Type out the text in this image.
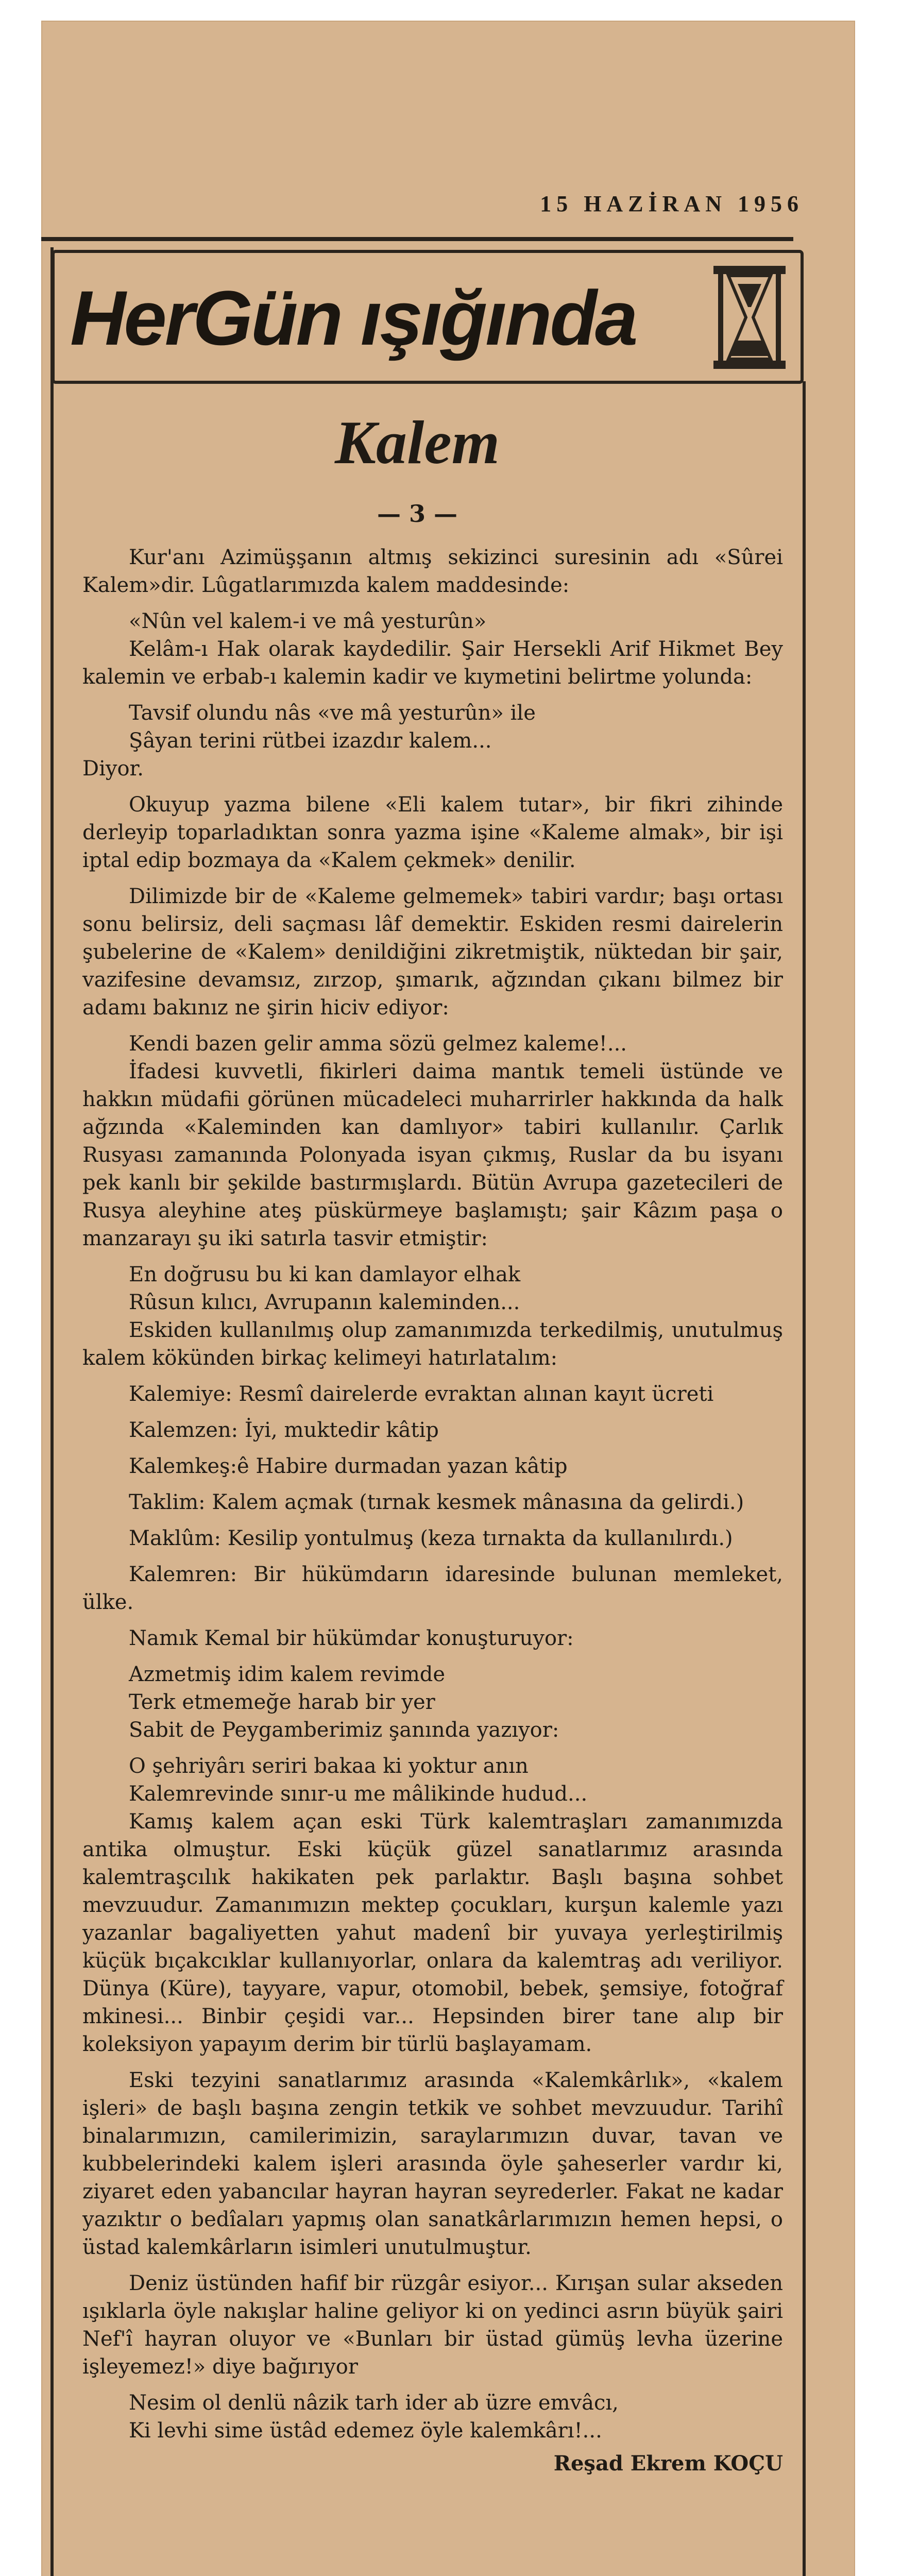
15 HAZİRAN 1956
HerGün ışığında
Kalem
— 3 —

Kur'anı Azimüşşanın altmış sekizinci suresinin adı «Sûrei Kalem»dir. Lûgatlarımızda kalem maddesinde:

«Nûn vel kalem-i ve mâ yesturûn»

Kelâm-ı Hak olarak kaydedilir. Şair Hersekli Arif Hikmet Bey kalemin ve erbab-ı kalemin kadir ve kıymetini belirtme yolunda:

Tavsif olundu nâs «ve mâ yesturûn» ile

Şâyan terini rütbei izazdır kalem...

Diyor.

Okuyup yazma bilene «Eli kalem tutar», bir fikri zihinde derleyip toparladıktan sonra yazma işine «Kaleme almak», bir işi iptal edip bozmaya da «Kalem çekmek» denilir.

Dilimizde bir de «Kaleme gelmemek» tabiri vardır; başı ortası sonu belirsiz, deli saçması lâf demektir. Eskiden resmi dairelerin şubelerine de «Kalem» denildiğini zikretmiştik, nüktedan bir şair, vazifesine devamsız, zırzop, şımarık, ağzından çıkanı bilmez bir adamı bakınız ne şirin hiciv ediyor:

Kendi bazen gelir amma sözü gelmez kaleme!...

İfadesi kuvvetli, fikirleri daima mantık temeli üstünde ve hakkın müdafii görünen mücadeleci muharrirler hakkında da halk ağzında «Kaleminden kan damlıyor» tabiri kullanılır. Çarlık Rusyası zamanında Polonyada isyan çıkmış, Ruslar da bu isyanı pek kanlı bir şekilde bastırmışlardı. Bütün Avrupa gazetecileri de Rusya aleyhine ateş püskürmeye başlamıştı; şair Kâzım paşa o manzarayı şu iki satırla tasvir etmiştir:

En doğrusu bu ki kan damlayor elhak

Rûsun kılıcı, Avrupanın kaleminden...

Eskiden kullanılmış olup zamanımızda terkedilmiş, unutulmuş kalem kökünden birkaç kelimeyi hatırlatalım:

Kalemiye: Resmî dairelerde evraktan alınan kayıt ücreti

Kalemzen: İyi, muktedir kâtip

Kalemkeş:ê Habire durmadan yazan kâtip

Taklim: Kalem açmak (tırnak kesmek mânasına da gelirdi.)

Maklûm: Kesilip yontulmuş (keza tırnakta da kullanılırdı.)

Kalemren: Bir hükümdarın idaresinde bulunan memleket, ülke.

Namık Kemal bir hükümdar konuşturuyor:

Azmetmiş idim kalem revimde

Terk etmemeğe harab bir yer

Sabit de Peygamberimiz şanında yazıyor:

O şehriyârı seriri bakaa ki yoktur anın

Kalemrevinde sınır-u me mâlikinde hudud...

Kamış kalem açan eski Türk kalemtraşları zamanımızda antika olmuştur. Eski küçük güzel sanatlarımız arasında kalemtraşcılık hakikaten pek parlaktır. Başlı başına sohbet mevzuudur. Zamanımızın mektep çocukları, kurşun kalemle yazı yazanlar bagaliyetten yahut madenî bir yuvaya yerleştirilmiş küçük bıçakcıklar kullanıyorlar, onlara da kalemtraş adı veriliyor. Dünya (Küre), tayyare, vapur, otomobil, bebek, şemsiye, fotoğraf mkinesi... Binbir çeşidi var... Hepsinden birer tane alıp bir koleksiyon yapayım derim bir türlü başlayamam.

Eski tezyini sanatlarımız arasında «Kalemkârlık», «kalem işleri» de başlı başına zengin tetkik ve sohbet mevzuudur. Tarihî binalarımızın, camilerimizin, saraylarımızın duvar, tavan ve kubbelerindeki kalem işleri arasında öyle şaheserler vardır ki, ziyaret eden yabancılar hayran hayran seyrederler. Fakat ne kadar yazıktır o bedîaları yapmış olan sanatkârlarımızın hemen hepsi, o üstad kalemkârların isimleri unutulmuştur.

Deniz üstünden hafif bir rüzgâr esiyor... Kırışan sular akseden ışıklarla öyle nakışlar haline geliyor ki on yedinci asrın büyük şairi Nef'î hayran oluyor ve «Bunları bir üstad gümüş levha üzerine işleyemez!» diye bağırıyor

Nesim ol denlü nâzik tarh ider ab üzre emvâcı,

Ki levhi sime üstâd edemez öyle kalemkârı!...

Reşad Ekrem KOÇU
